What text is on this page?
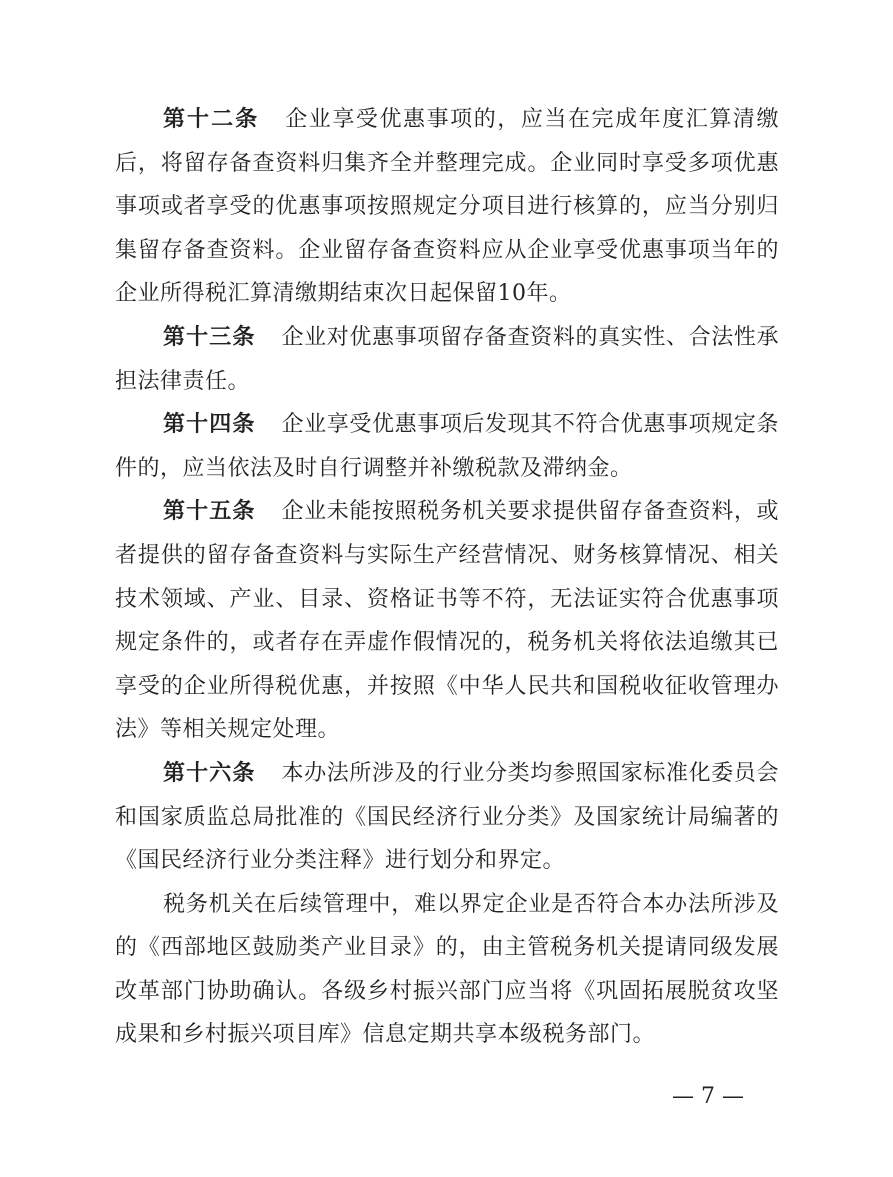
第十二条 企业享受优惠事项的，应当在完成年度汇算清缴后，将留存备查资料归集齐全并整理完成。企业同时享受多项优惠事项或者享受的优惠事项按照规定分项目进行核算的，应当分别归集留存备查资料。企业留存备查资料应从企业享受优惠事项当年的企业所得税汇算清缴期结束次日起保留10年。

第十三条 企业对优惠事项留存备查资料的真实性、合法性承担法律责任。

第十四条 企业享受优惠事项后发现其不符合优惠事项规定条件的，应当依法及时自行调整并补缴税款及滞纳金。

第十五条 企业未能按照税务机关要求提供留存备查资料，或者提供的留存备查资料与实际生产经营情况、财务核算情况、相关技术领域、产业、目录、资格证书等不符，无法证实符合优惠事项规定条件的，或者存在弄虚作假情况的，税务机关将依法追缴其已享受的企业所得税优惠，并按照《中华人民共和国税收征收管理办法》等相关规定处理。

第十六条 本办法所涉及的行业分类均参照国家标准化委员会和国家质监总局批准的《国民经济行业分类》及国家统计局编著的《国民经济行业分类注释》进行划分和界定。

税务机关在后续管理中，难以界定企业是否符合本办法所涉及的《西部地区鼓励类产业目录》的，由主管税务机关提请同级发展改革部门协助确认。各级乡村振兴部门应当将《巩固拓展脱贫攻坚成果和乡村振兴项目库》信息定期共享本级税务部门。

— 7 —
